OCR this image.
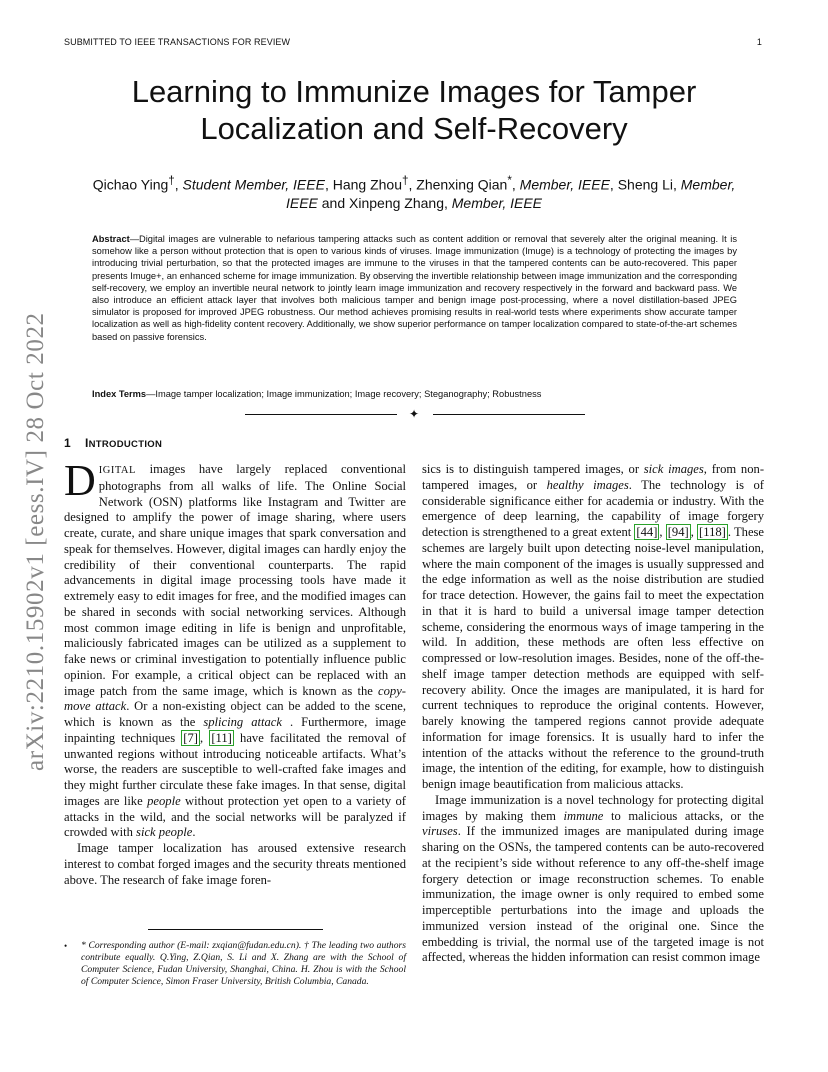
SUBMITTED TO IEEE TRANSACTIONS FOR REVIEW	1
Learning to Immunize Images for Tamper
Localization and Self-Recovery
Qichao Ying†, Student Member, IEEE, Hang Zhou†, Zhenxing Qian*, Member, IEEE, Sheng Li, Member, IEEE and Xinpeng Zhang, Member, IEEE
Abstract—Digital images are vulnerable to nefarious tampering attacks such as content addition or removal that severely alter the original meaning. It is somehow like a person without protection that is open to various kinds of viruses. Image immunization (Imuge) is a technology of protecting the images by introducing trivial perturbation, so that the protected images are immune to the viruses in that the tampered contents can be auto-recovered. This paper presents Imuge+, an enhanced scheme for image immunization. By observing the invertible relationship between image immunization and the corresponding self-recovery, we employ an invertible neural network to jointly learn image immunization and recovery respectively in the forward and backward pass. We also introduce an efficient attack layer that involves both malicious tamper and benign image post-processing, where a novel distillation-based JPEG simulator is proposed for improved JPEG robustness. Our method achieves promising results in real-world tests where experiments show accurate tamper localization as well as high-fidelity content recovery. Additionally, we show superior performance on tamper localization compared to state-of-the-art schemes based on passive forensics.
Index Terms—Image tamper localization; Image immunization; Image recovery; Steganography; Robustness
✦
1 INTRODUCTION

DIGITAL images have largely replaced conventional photographs from all walks of life. The Online Social Network (OSN) platforms like Instagram and Twitter are designed to amplify the power of image sharing, where users create, curate, and share unique images that spark conversation and speak for themselves. However, digital images can hardly enjoy the credibility of their conventional counterparts. The rapid advancements in digital image processing tools have made it extremely easy to edit images for free, and the modified images can be shared in seconds with social networking services. Although most common image editing in life is benign and unprofitable, maliciously fabricated images can be utilized as a supplement to fake news or criminal investigation to potentially influence public opinion. For example, a critical object can be replaced with an image patch from the same image, which is known as the copy-move attack. Or a non-existing object can be added to the scene, which is known as the splicing attack . Furthermore, image inpainting techniques [7] , [11] have facilitated the removal of unwanted regions without introducing noticeable artifacts. What’s worse, the readers are susceptible to well-crafted fake images and they might further circulate these fake images. In that sense, digital images are like people without protection yet open to a variety of attacks in the wild, and the social networks will be paralyzed if crowded with sick people.

Image tamper localization has aroused extensive research interest to combat forged images and the security threats mentioned above. The research of fake image foren-

• * Corresponding author (E-mail: zxqian@fudan.edu.cn). † The leading two authors contribute equally. Q.Ying, Z.Qian, S. Li and X. Zhang are with the School of Computer Science, Fudan University, Shanghai, China. H. Zhou is with the School of Computer Science, Simon Fraser University, British Columbia, Canada.

sics is to distinguish tampered images, or sick images, from non-tampered images, or healthy images. The technology is of considerable significance either for academia or industry. With the emergence of deep learning, the capability of image forgery detection is strengthened to a great extent [44] , [94] , [118] . These schemes are largely built upon detecting noise-level manipulation, where the main component of the images is usually suppressed and the edge information as well as the noise distribution are studied for trace detection. However, the gains fail to meet the expectation in that it is hard to build a universal image tamper detection scheme, considering the enormous ways of image tampering in the wild. In addition, these methods are often less effective on compressed or low-resolution images. Besides, none of the off-the-shelf image tamper detection methods are equipped with self-recovery ability. Once the images are manipulated, it is hard for current techniques to reproduce the original contents. However, barely knowing the tampered regions cannot provide adequate information for image forensics. It is usually hard to infer the intention of the attacks without the reference to the ground-truth image, the intention of the editing, for example, how to distinguish benign image beautification from malicious attacks.

Image immunization is a novel technology for protecting digital images by making them immune to malicious attacks, or the viruses. If the immunized images are manipulated during image sharing on the OSNs, the tampered contents can be auto-recovered at the recipient’s side without reference to any off-the-shelf image forgery detection or image reconstruction schemes. To enable immunization, the image owner is only required to embed some imperceptible perturbations into the image and uploads the immunized version instead of the original one. Since the embedding is trivial, the normal use of the targeted image is not affected, whereas the hidden information can resist common image

arXiv:2210.15902v1 [eess.IV] 28 Oct 2022
